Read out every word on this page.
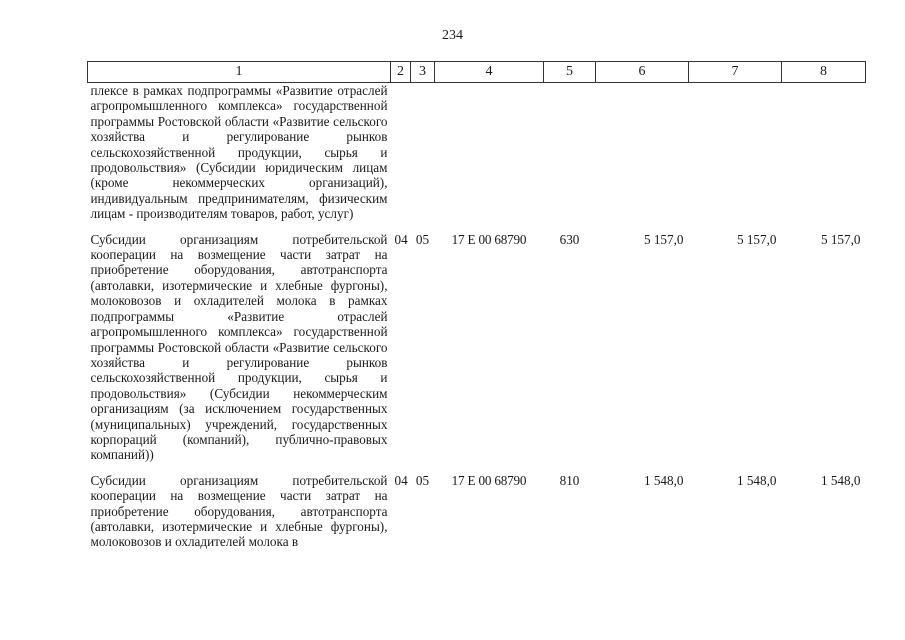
234
1	2	3	4	5	6	7	8
плексе в рамках подпрограммы «Развитие отраслей агропромышленного комплекса» государственной программы Ростовской области «Развитие сельского хозяйства и регулирование рынков сельскохозяйственной продукции, сырья и продовольствия» (Субсидии юридическим лицам (кроме некоммерческих организаций), индивидуальным предпринимателям, физическим лицам - производителям товаров, работ, услуг)							
Субсидии организациям потребительской кооперации на возмещение части затрат на приобретение оборудования, автотранспорта (автолавки, изотермические и хлебные фургоны), молоковозов и охладителей молока в рамках подпрограммы «Развитие отраслей агропромышленного комплекса» государственной программы Ростовской области «Развитие сельского хозяйства и регулирование рынков сельскохозяйственной продукции, сырья и продовольствия» (Субсидии некоммерческим организациям (за исключением государственных (муниципальных) учреждений, государственных корпораций (компаний), публично-правовых компаний))	04	05	17 Е 00 68790	630	5 157,0	5 157,0	5 157,0
Субсидии организациям потребительской кооперации на возмещение части затрат на приобретение оборудования, автотранспорта (автолавки, изотермические и хлебные фургоны), молоковозов и охладителей молока в	04	05	17 Е 00 68790	810	1 548,0	1 548,0	1 548,0
